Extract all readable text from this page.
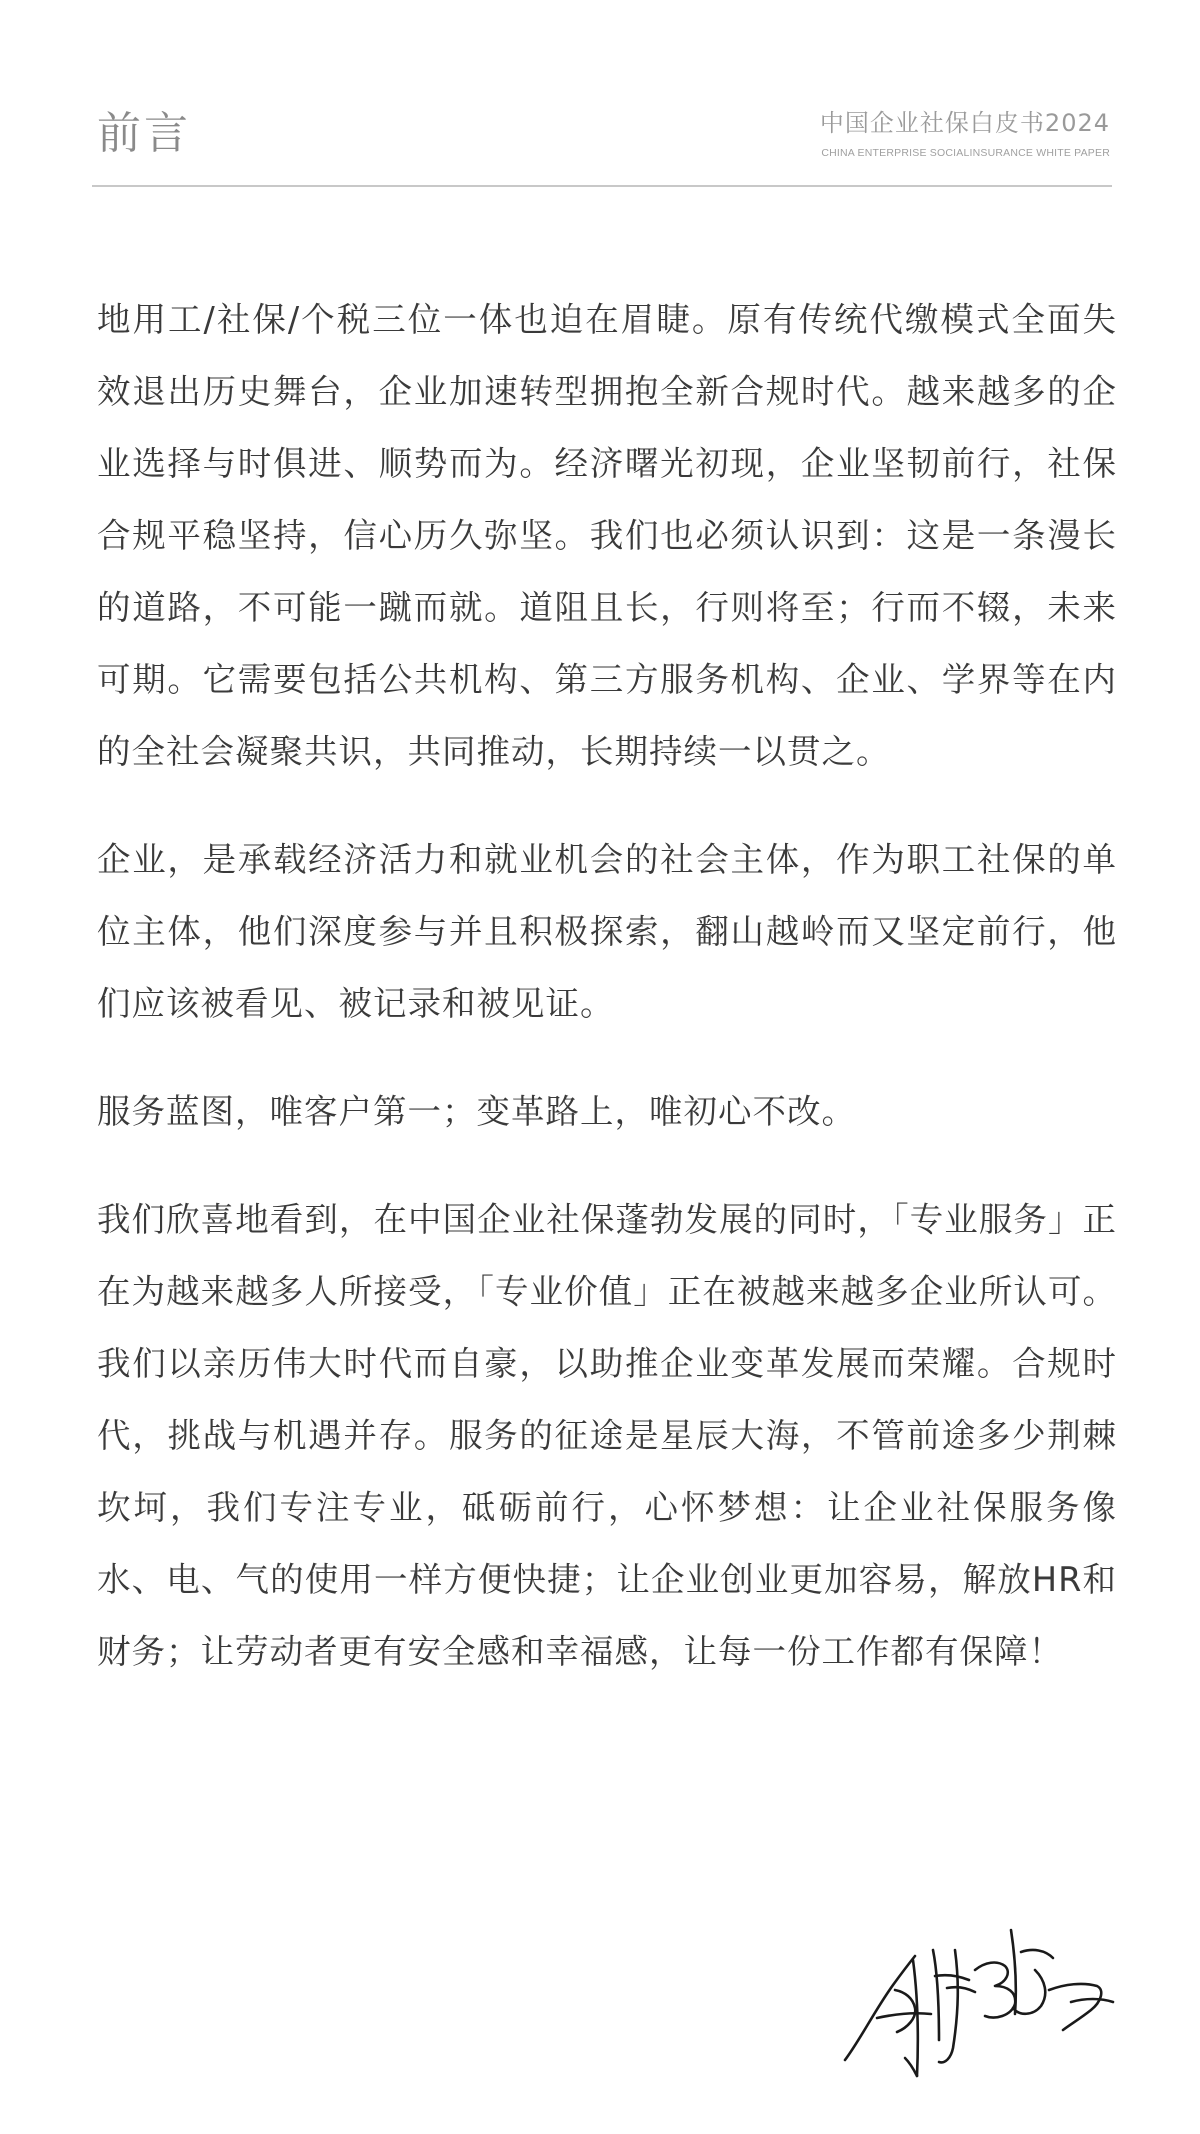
前言	中国企业社保白皮书2024
CHINA ENTERPRISE SOCIALINSURANCE WHITE PAPER

地用工/社保/个税三位一体也迫在眉睫。原有传统代缴模式全面失效退出历史舞台，企业加速转型拥抱全新合规时代。越来越多的企业选择与时俱进、顺势而为。经济曙光初现，企业坚韧前行，社保合规平稳坚持，信心历久弥坚。我们也必须认识到：这是一条漫长的道路，不可能一蹴而就。道阻且长，行则将至；行而不辍，未来可期。它需要包括公共机构、第三方服务机构、企业、学界等在内的全社会凝聚共识，共同推动，长期持续一以贯之。

企业，是承载经济活力和就业机会的社会主体，作为职工社保的单位主体，他们深度参与并且积极探索，翻山越岭而又坚定前行，他们应该被看见、被记录和被见证。

服务蓝图，唯客户第一；变革路上，唯初心不改。

我们欣喜地看到，在中国企业社保蓬勃发展的同时，「专业服务」正在为越来越多人所接受，「专业价值」正在被越来越多企业所认可。我们以亲历伟大时代而自豪，以助推企业变革发展而荣耀。合规时代，挑战与机遇并存。服务的征途是星辰大海，不管前途多少荆棘坎坷，我们专注专业，砥砺前行，心怀梦想：让企业社保服务像水、电、气的使用一样方便快捷；让企业创业更加容易，解放HR和财务；让劳动者更有安全感和幸福感，让每一份工作都有保障！
